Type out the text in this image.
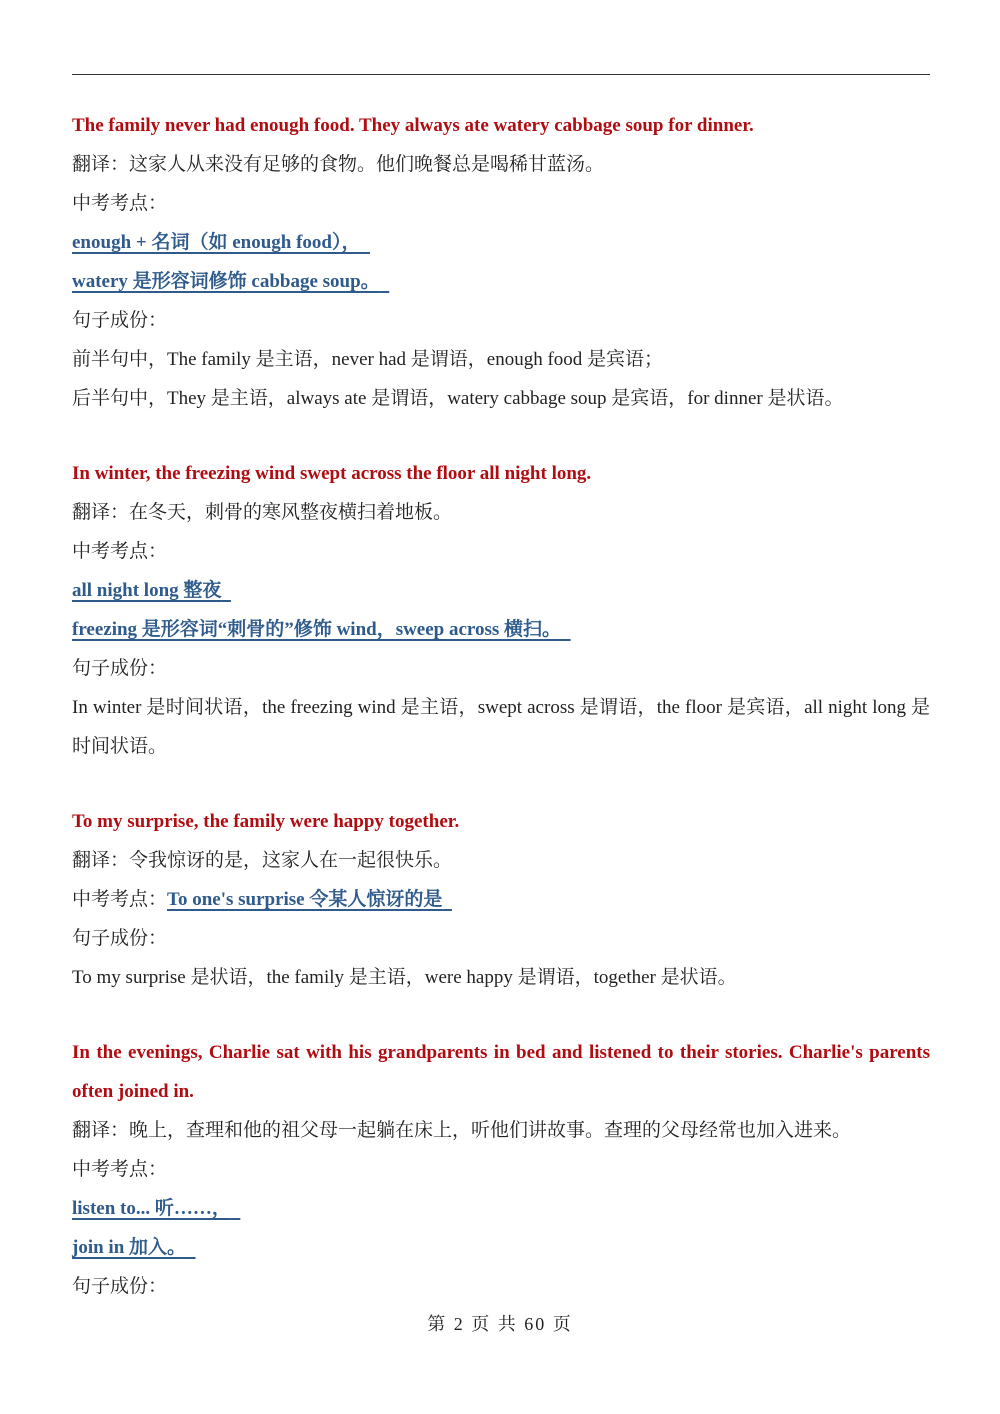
The family never had enough food. They always ate watery cabbage soup for dinner.
翻译：这家人从来没有足够的食物。他们晚餐总是喝稀甘蓝汤。
中考考点：
enough + 名词（如 enough food），
watery 是形容词修饰 cabbage soup。
句子成份：
前半句中，The family 是主语，never had 是谓语，enough food 是宾语；
后半句中，They 是主语，always ate 是谓语，watery cabbage soup 是宾语，for dinner 是状语。
In winter, the freezing wind swept across the floor all night long.
翻译：在冬天，刺骨的寒风整夜横扫着地板。
中考考点：
all night long 整夜
freezing 是形容词“刺骨的”修饰 wind，sweep across 横扫。
句子成份：
In winter 是时间状语，the freezing wind 是主语，swept across 是谓语，the floor 是宾语，all night long 是时间状语。
To my surprise, the family were happy together.
翻译：令我惊讶的是，这家人在一起很快乐。
中考考点：To one's surprise 令某人惊讶的是
句子成份：
To my surprise 是状语，the family 是主语，were happy 是谓语，together 是状语。
In the evenings, Charlie sat with his grandparents in bed and listened to their stories. Charlie's parents often joined in.
翻译：晚上，查理和他的祖父母一起躺在床上，听他们讲故事。查理的父母经常也加入进来。
中考考点：
listen to... 听……，
join in 加入。
句子成份：
第 2 页 共 60 页
